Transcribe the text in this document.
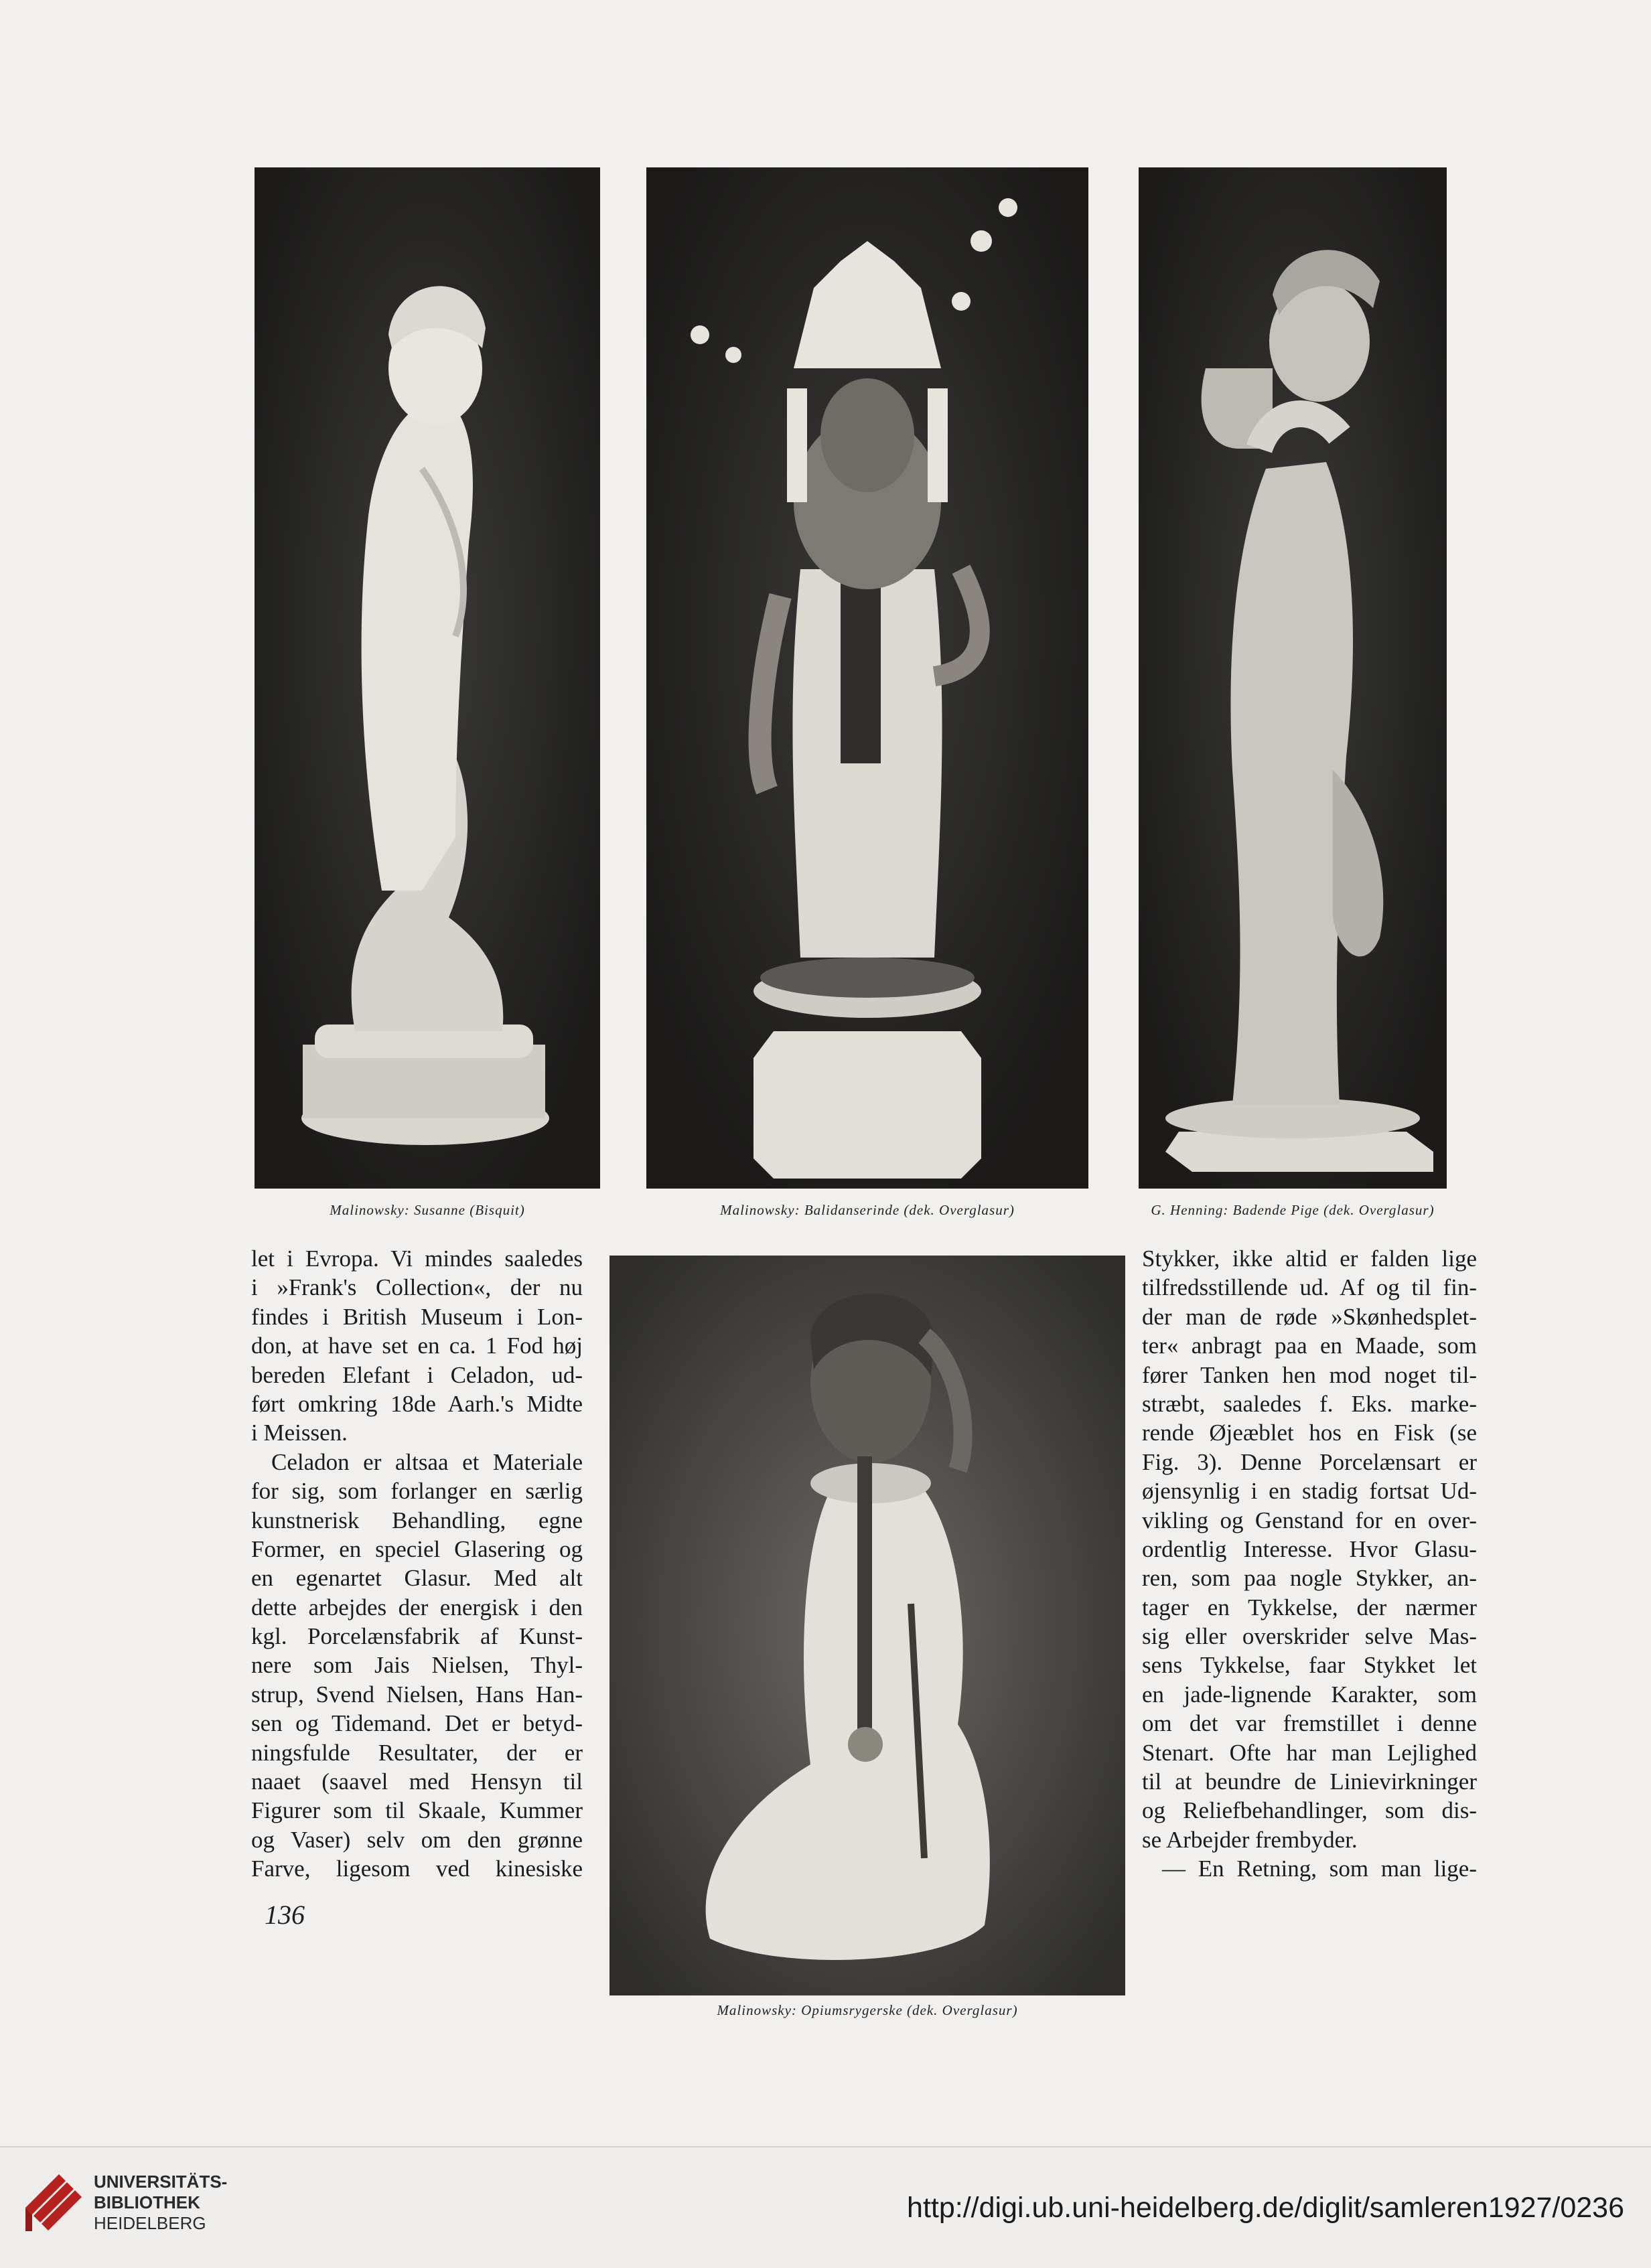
Malinowsky: Susanne (Bisquit)	Malinowsky: Balidanserinde (dek. Overglasur)	G. Henning: Badende Pige (dek. Overglasur)

let i Evropa. Vi mindes saaledes
i »Frank's Collection«, der nu
findes i British Museum i Lon-
don, at have set en ca. 1 Fod høj
bereden Elefant i Celadon, ud-
ført omkring 18de Aarh.'s Midte
i Meissen.

Celadon er altsaa et Materiale
for sig, som forlanger en særlig
kunstnerisk Behandling, egne
Former, en speciel Glasering og
en egenartet Glasur. Med alt
dette arbejdes der energisk i den
kgl. Porcelænsfabrik af Kunst-
nere som Jais Nielsen, Thyl-
strup, Svend Nielsen, Hans Han-
sen og Tidemand. Det er betyd-
ningsfulde Resultater, der er
naaet (saavel med Hensyn til
Figurer som til Skaale, Kummer
og Vaser) selv om den grønne
Farve, ligesom ved kinesiske

Stykker, ikke altid er falden lige
tilfredsstillende ud. Af og til fin-
der man de røde »Skønhedsplet-
ter« anbragt paa en Maade, som
fører Tanken hen mod noget til-
stræbt, saaledes f. Eks. marke-
rende Øjeæblet hos en Fisk (se
Fig. 3). Denne Porcelænsart er
øjensynlig i en stadig fortsat Ud-
vikling og Genstand for en over-
ordentlig Interesse. Hvor Glasu-
ren, som paa nogle Stykker, an-
tager en Tykkelse, der nærmer
sig eller overskrider selve Mas-
sens Tykkelse, faar Stykket let
en jade-lignende Karakter, som
om det var fremstillet i denne
Stenart. Ofte har man Lejlighed
til at beundre de Linievirkninger
og Reliefbehandlinger, som dis-
se Arbejder frembyder.

— En Retning, som man lige-

136
Malinowsky: Opiumsrygerske (dek. Overglasur)
UNIVERSITÄTS-
BIBLIOTHEK
HEIDELBERG	http://digi.ub.uni-heidelberg.de/diglit/samleren1927/0236
